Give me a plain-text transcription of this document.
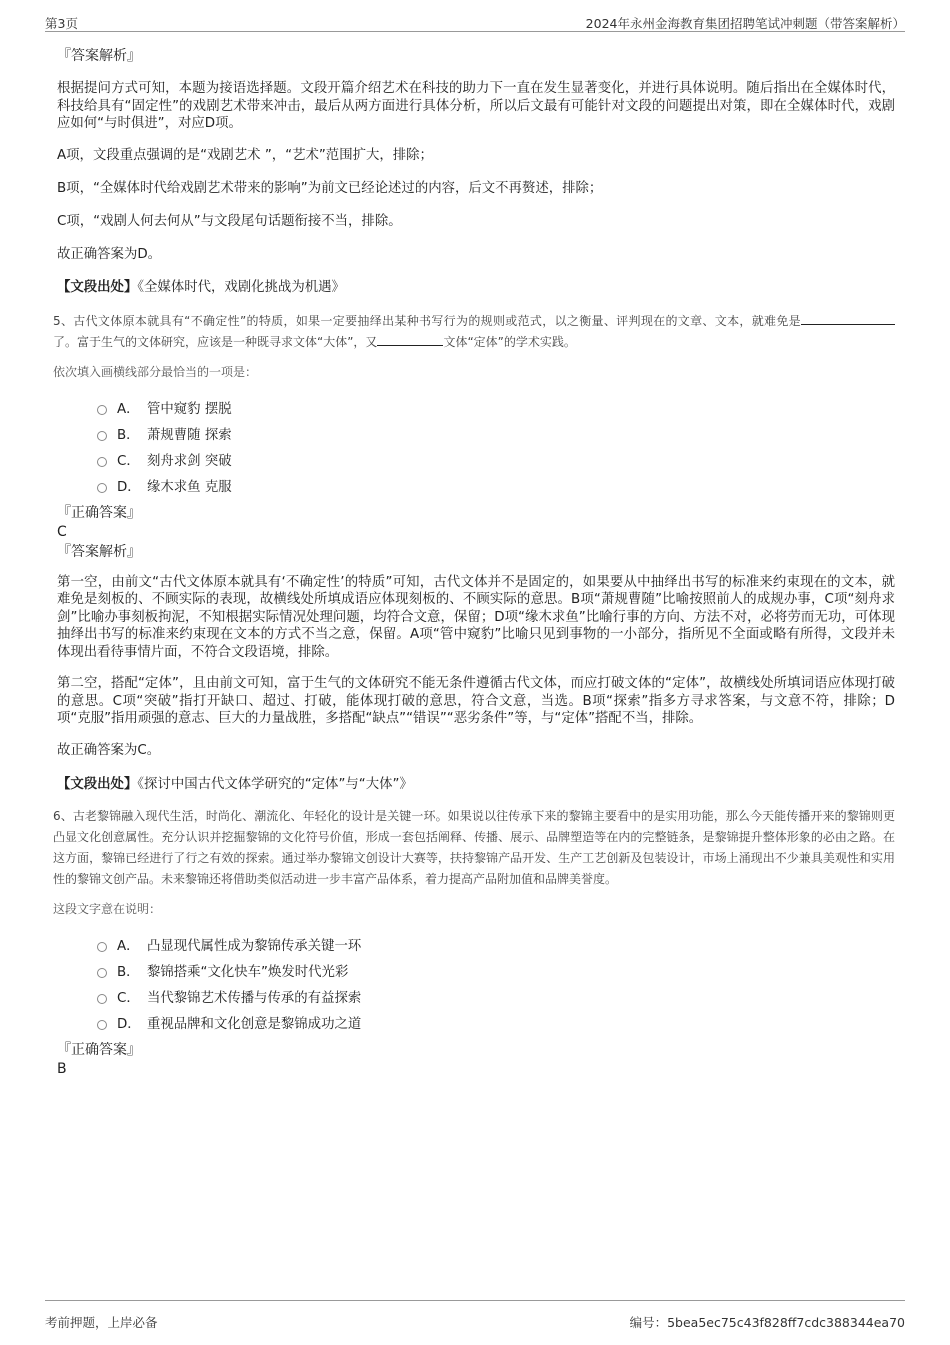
第3页	2024年永州金海教育集团招聘笔试冲刺题（带答案解析）
『答案解析』

根据提问方式可知，本题为接语选择题。文段开篇介绍艺术在科技的助力下一直在发生显著变化，并进行具体说明。随后指出在全媒体时代，科技给具有“固定性”的戏剧艺术带来冲击，最后从两方面进行具体分析，所以后文最有可能针对文段的问题提出对策，即在全媒体时代，戏剧应如何“与时俱进”，对应D项。

A项，文段重点强调的是“戏剧艺术 ”，“艺术”范围扩大，排除；
B项，“全媒体时代给戏剧艺术带来的影响”为前文已经论述过的内容，后文不再赘述，排除；
C项，“戏剧人何去何从”与文段尾句话题衔接不当，排除。
故正确答案为D。
【文段出处】《全媒体时代，戏剧化挑战为机遇》

5、古代文体原本就具有“不确定性”的特质，如果一定要抽绎出某种书写行为的规则或范式，以之衡量、评判现在的文章、文本，就难免是了。富于生气的文体研究，应该是一种既寻求文体“大体”，又	文体“定体”的学术实践。

依次填入画横线部分最恰当的一项是：
A． 管中窥豹 摆脱
B． 萧规曹随 探索
C． 刻舟求剑 突破
D． 缘木求鱼 克服
『正确答案』
C
『答案解析』

第一空，由前文“古代文体原本就具有‘不确定性’的特质”可知，古代文体并不是固定的，如果要从中抽绎出书写的标准来约束现在的文本，就难免是刻板的、不顾实际的表现，故横线处所填成语应体现刻板的、不顾实际的意思。B项“萧规曹随”比喻按照前人的成规办事，C项“刻舟求剑”比喻办事刻板拘泥，不知根据实际情况处理问题，均符合文意，保留；D项“缘木求鱼”比喻行事的方向、方法不对，必将劳而无功，可体现抽绎出书写的标准来约束现在文本的方式不当之意，保留。A项“管中窥豹”比喻只见到事物的一小部分，指所见不全面或略有所得，文段并未体现出看待事情片面，不符合文段语境，排除。

第二空，搭配“定体”，且由前文可知，富于生气的文体研究不能无条件遵循古代文体，而应打破文体的“定体”，故横线处所填词语应体现打破的意思。C项“突破”指打开缺口、超过、打破，能体现打破的意思，符合文意，当选。B项“探索”指多方寻求答案，与文意不符，排除；D项“克服”指用顽强的意志、巨大的力量战胜，多搭配“缺点”“错误”“恶劣条件”等，与“定体”搭配不当，排除。

故正确答案为C。
【文段出处】《探讨中国古代文体学研究的“定体”与“大体”》

6、古老黎锦融入现代生活，时尚化、潮流化、年轻化的设计是关键一环。如果说以往传承下来的黎锦主要看中的是实用功能，那么今天能传播开来的黎锦则更凸显文化创意属性。充分认识并挖掘黎锦的文化符号价值，形成一套包括阐释、传播、展示、品牌塑造等在内的完整链条，是黎锦提升整体形象的必由之路。在这方面，黎锦已经进行了行之有效的探索。通过举办黎锦文创设计大赛等，扶持黎锦产品开发、生产工艺创新及包装设计，市场上涌现出不少兼具美观性和实用性的黎锦文创产品。未来黎锦还将借助类似活动进一步丰富产品体系，着力提高产品附加值和品牌美誉度。

这段文字意在说明：
A． 凸显现代属性成为黎锦传承关键一环
B． 黎锦搭乘“文化快车”焕发时代光彩
C． 当代黎锦艺术传播与传承的有益探索
D． 重视品牌和文化创意是黎锦成功之道
『正确答案』
B
考前押题，上岸必备	编号：5bea5ec75c43f828ff7cdc388344ea70
